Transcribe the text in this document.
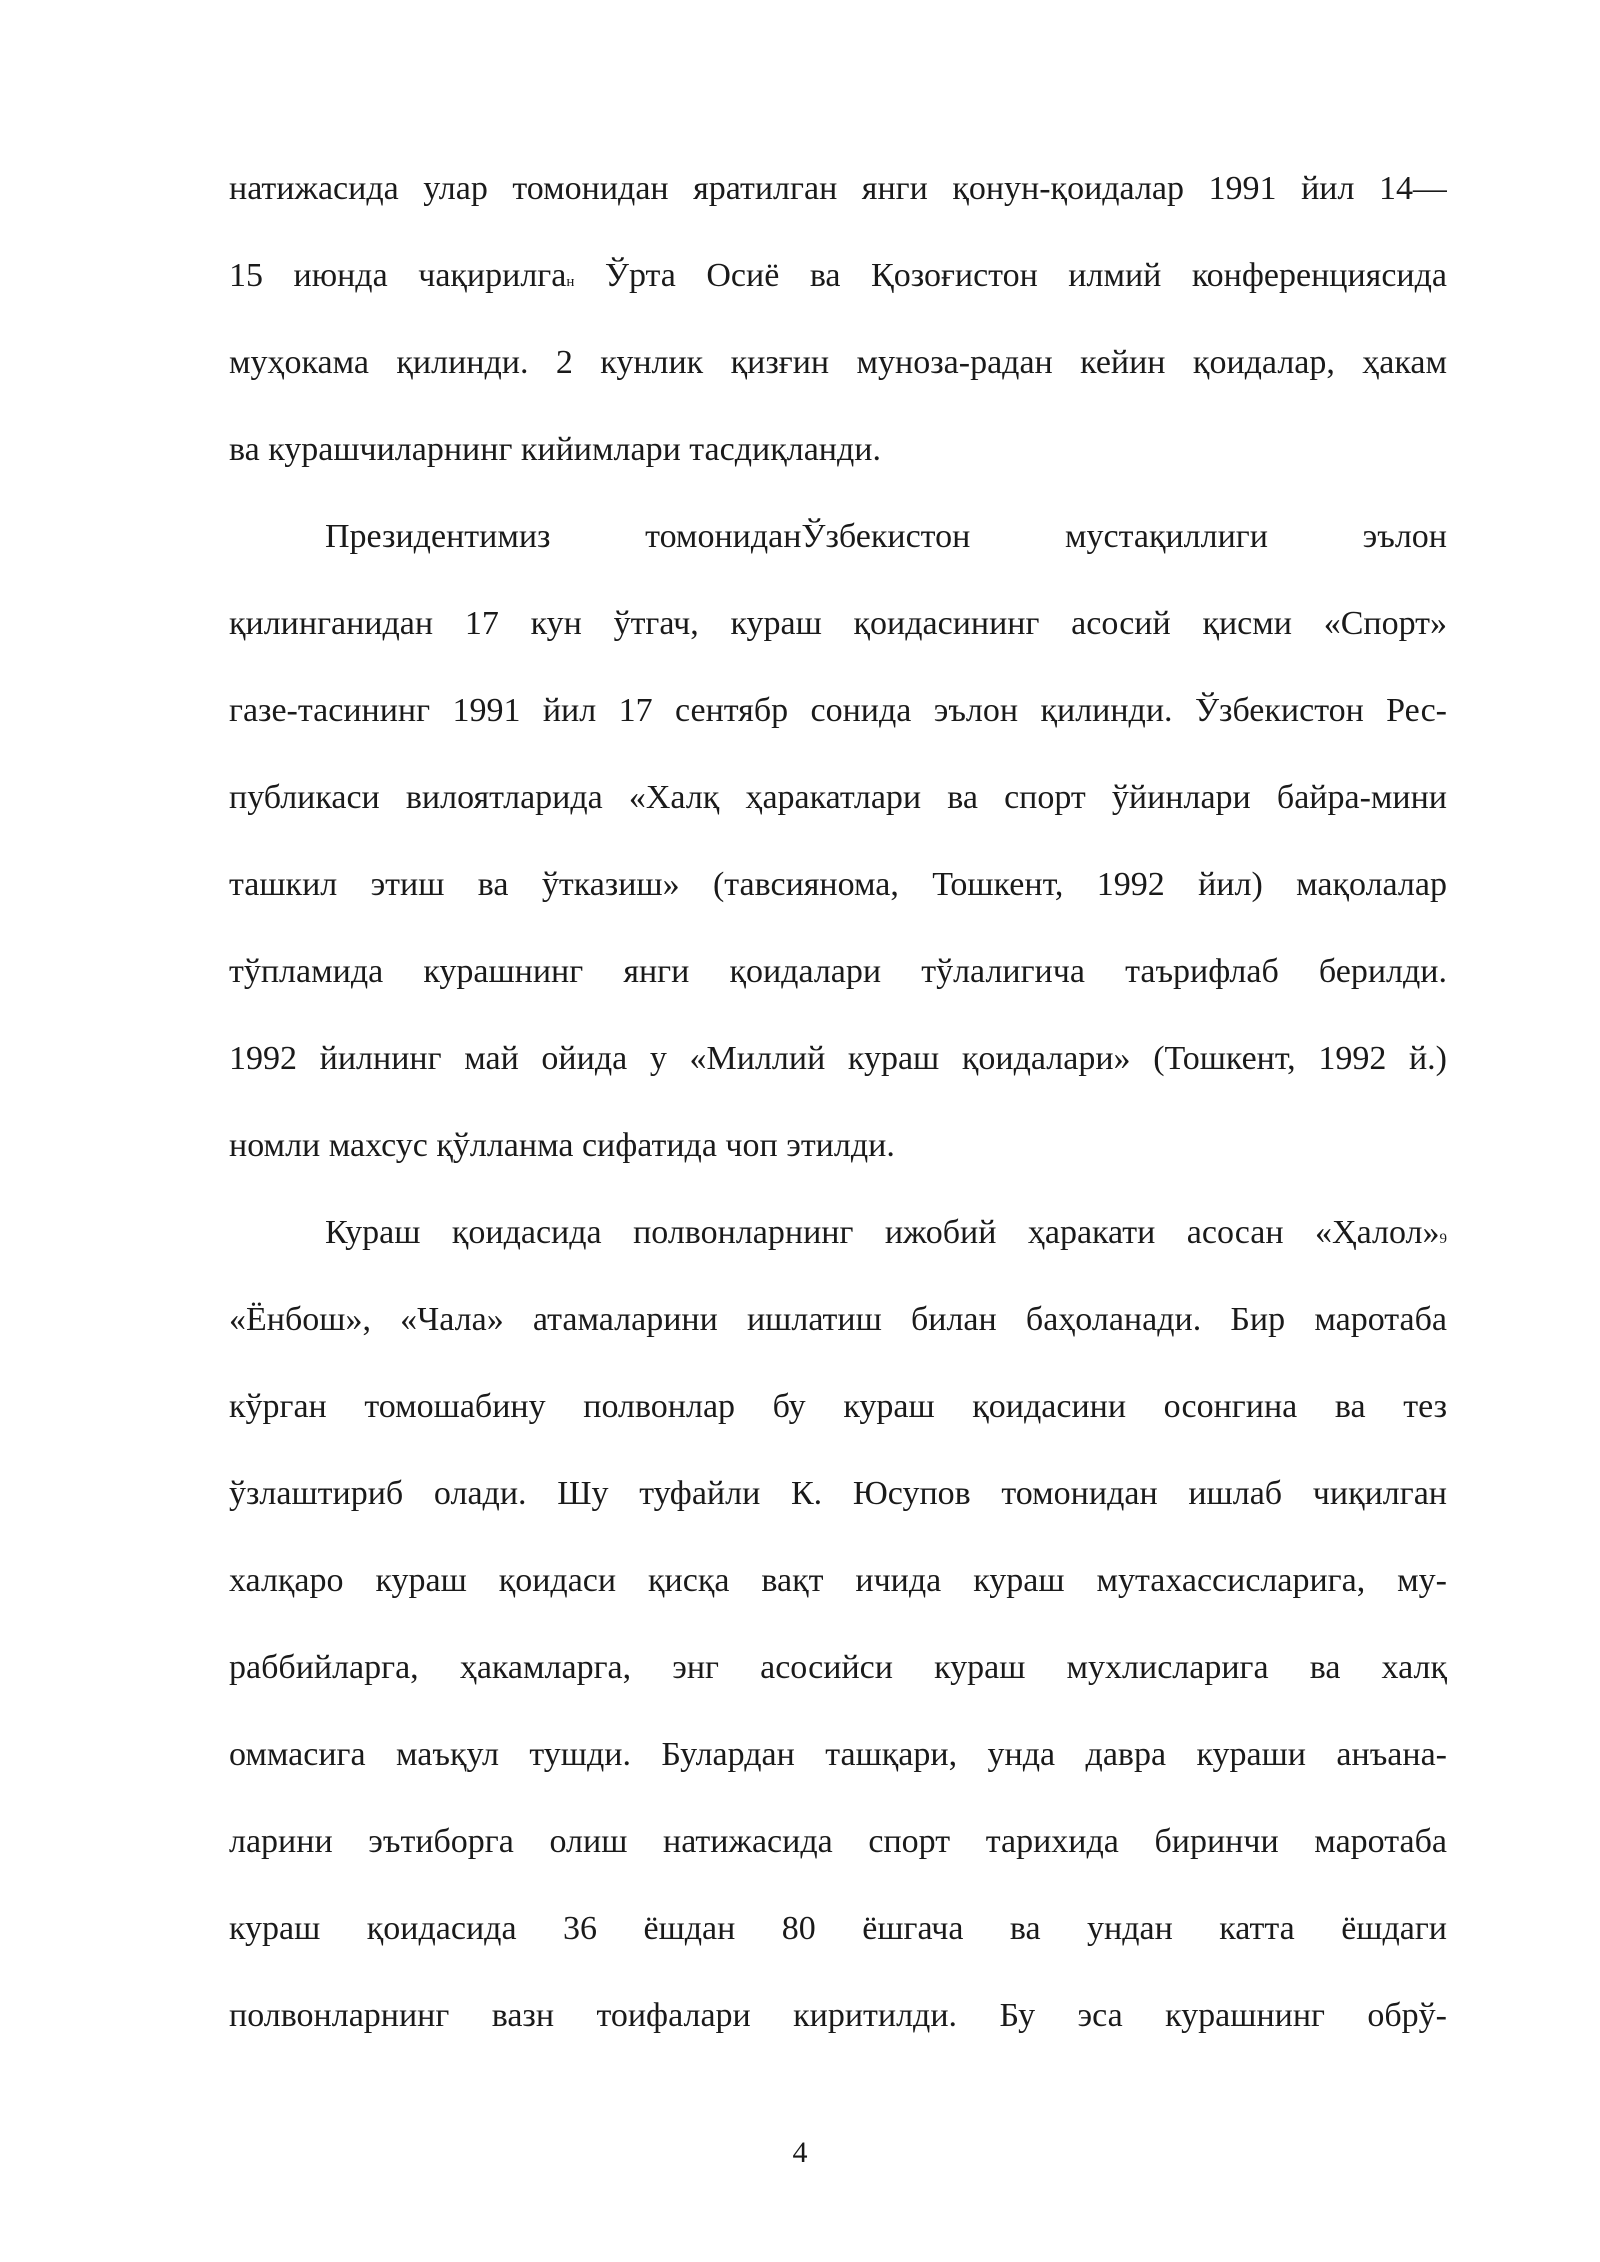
натижасида улар томонидан яратилган янги қонун-қоидалар 1991 йил 14—
15 июнда чақирилган Ўрта Осиё ва Қозоғистон илмий конференциясида
муҳокама қилинди. 2 кунлик қизғин муноза-радан кейин қоидалар, ҳакам
ва курашчиларнинг кийимлари тасдиқланди.
Президентимиз томониданЎзбекистон мустақиллиги эълон
қилинганидан 17 кун ўтгач, кураш қоидасининг асосий қисми «Спорт»
газе-тасининг 1991 йил 17 сентябр сонида эълон қилинди. Ўзбекистон Рес-
публикаси вилоятларида «Халқ ҳаракатлари ва спорт ўйинлари байра-мини
ташкил этиш ва ўтказиш» (тавсиянома, Тошкент, 1992 йил) мақолалар
тўпламида курашнинг янги қоидалари тўлалигича таърифлаб берилди.
1992 йилнинг май ойида у «Миллий кураш қоидалари» (Тошкент, 1992 й.)
номли махсус қўлланма сифатида чоп этилди.
Кураш қоидасида полвонларнинг ижобий ҳаракати асосан «Ҳалол»9
«Ёнбош», «Чала» атамаларини ишлатиш билан баҳоланади. Бир маротаба
кўрган томошабину полвонлар бу кураш қоидасини осонгина ва тез
ўзлаштириб олади. Шу туфайли К. Юсупов томонидан ишлаб чиқилган
халқаро кураш қоидаси қисқа вақт ичида кураш мутахассисларига, му-
раббийларга, ҳакамларга, энг асосийси кураш мухлисларига ва халқ
оммасига маъқул тушди. Булардан ташқари, унда давра кураши анъана-
ларини эътиборга олиш натижасида спорт тарихида биринчи маротаба
кураш қоидасида 36 ёшдан 80 ёшгача ва ундан катта ёшдаги
полвонларнинг вазн тоифалари киритилди. Бу эса курашнинг обрў-
4
